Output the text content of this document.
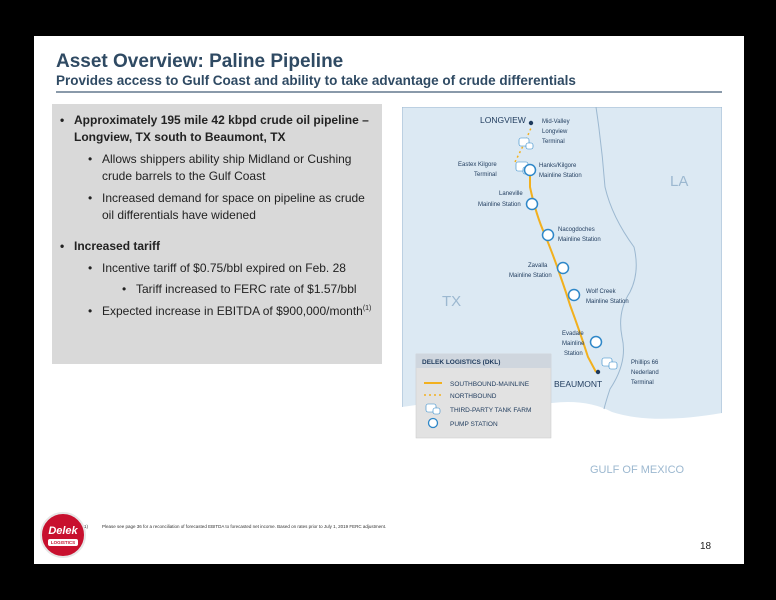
Asset Overview: Paline Pipeline
Provides access to Gulf Coast and ability to take advantage of crude differentials

• Approximately 195 mile 42 kbpd crude oil pipeline – Longview, TX south to Beaumont, TX

• Allows shippers ability ship Midland or Cushing crude barrels to the Gulf Coast

• Increased demand for space on pipeline as crude oil differentials have widened

• Increased tariff

• Incentive tariff of $0.75/bbl expired on Feb. 28

• Tariff increased to FERC rate of $1.57/bbl

• Expected increase in EBITDA of $900,000/month$^{(1)}$

LA
TX
GULF OF MEXICO
LONGVIEW	Mid-Valley
Longview
Terminal
Eastex Kilgore
Terminal
Hanks/Kilgore
Mainline Station
Laneville
Mainline Station
Nacogdoches
Mainline Station
Zavalla
Mainline Station
Wolf Creek
Mainline Station
Evadale
Mainline
Station
Phillips 66
Nederland
Terminal
BEAUMONT
DELEK LOGISTICS (DKL)
SOUTHBOUND-MAINLINE
NORTHBOUND
THIRD-PARTY TANK FARM
PUMP STATION
Delek
LOGISTICS
1)	Please see page 36 for a reconciliation of forecasted EBITDA to forecasted net income. Based on rates prior to July 1, 2019 FERC adjustment.
18
